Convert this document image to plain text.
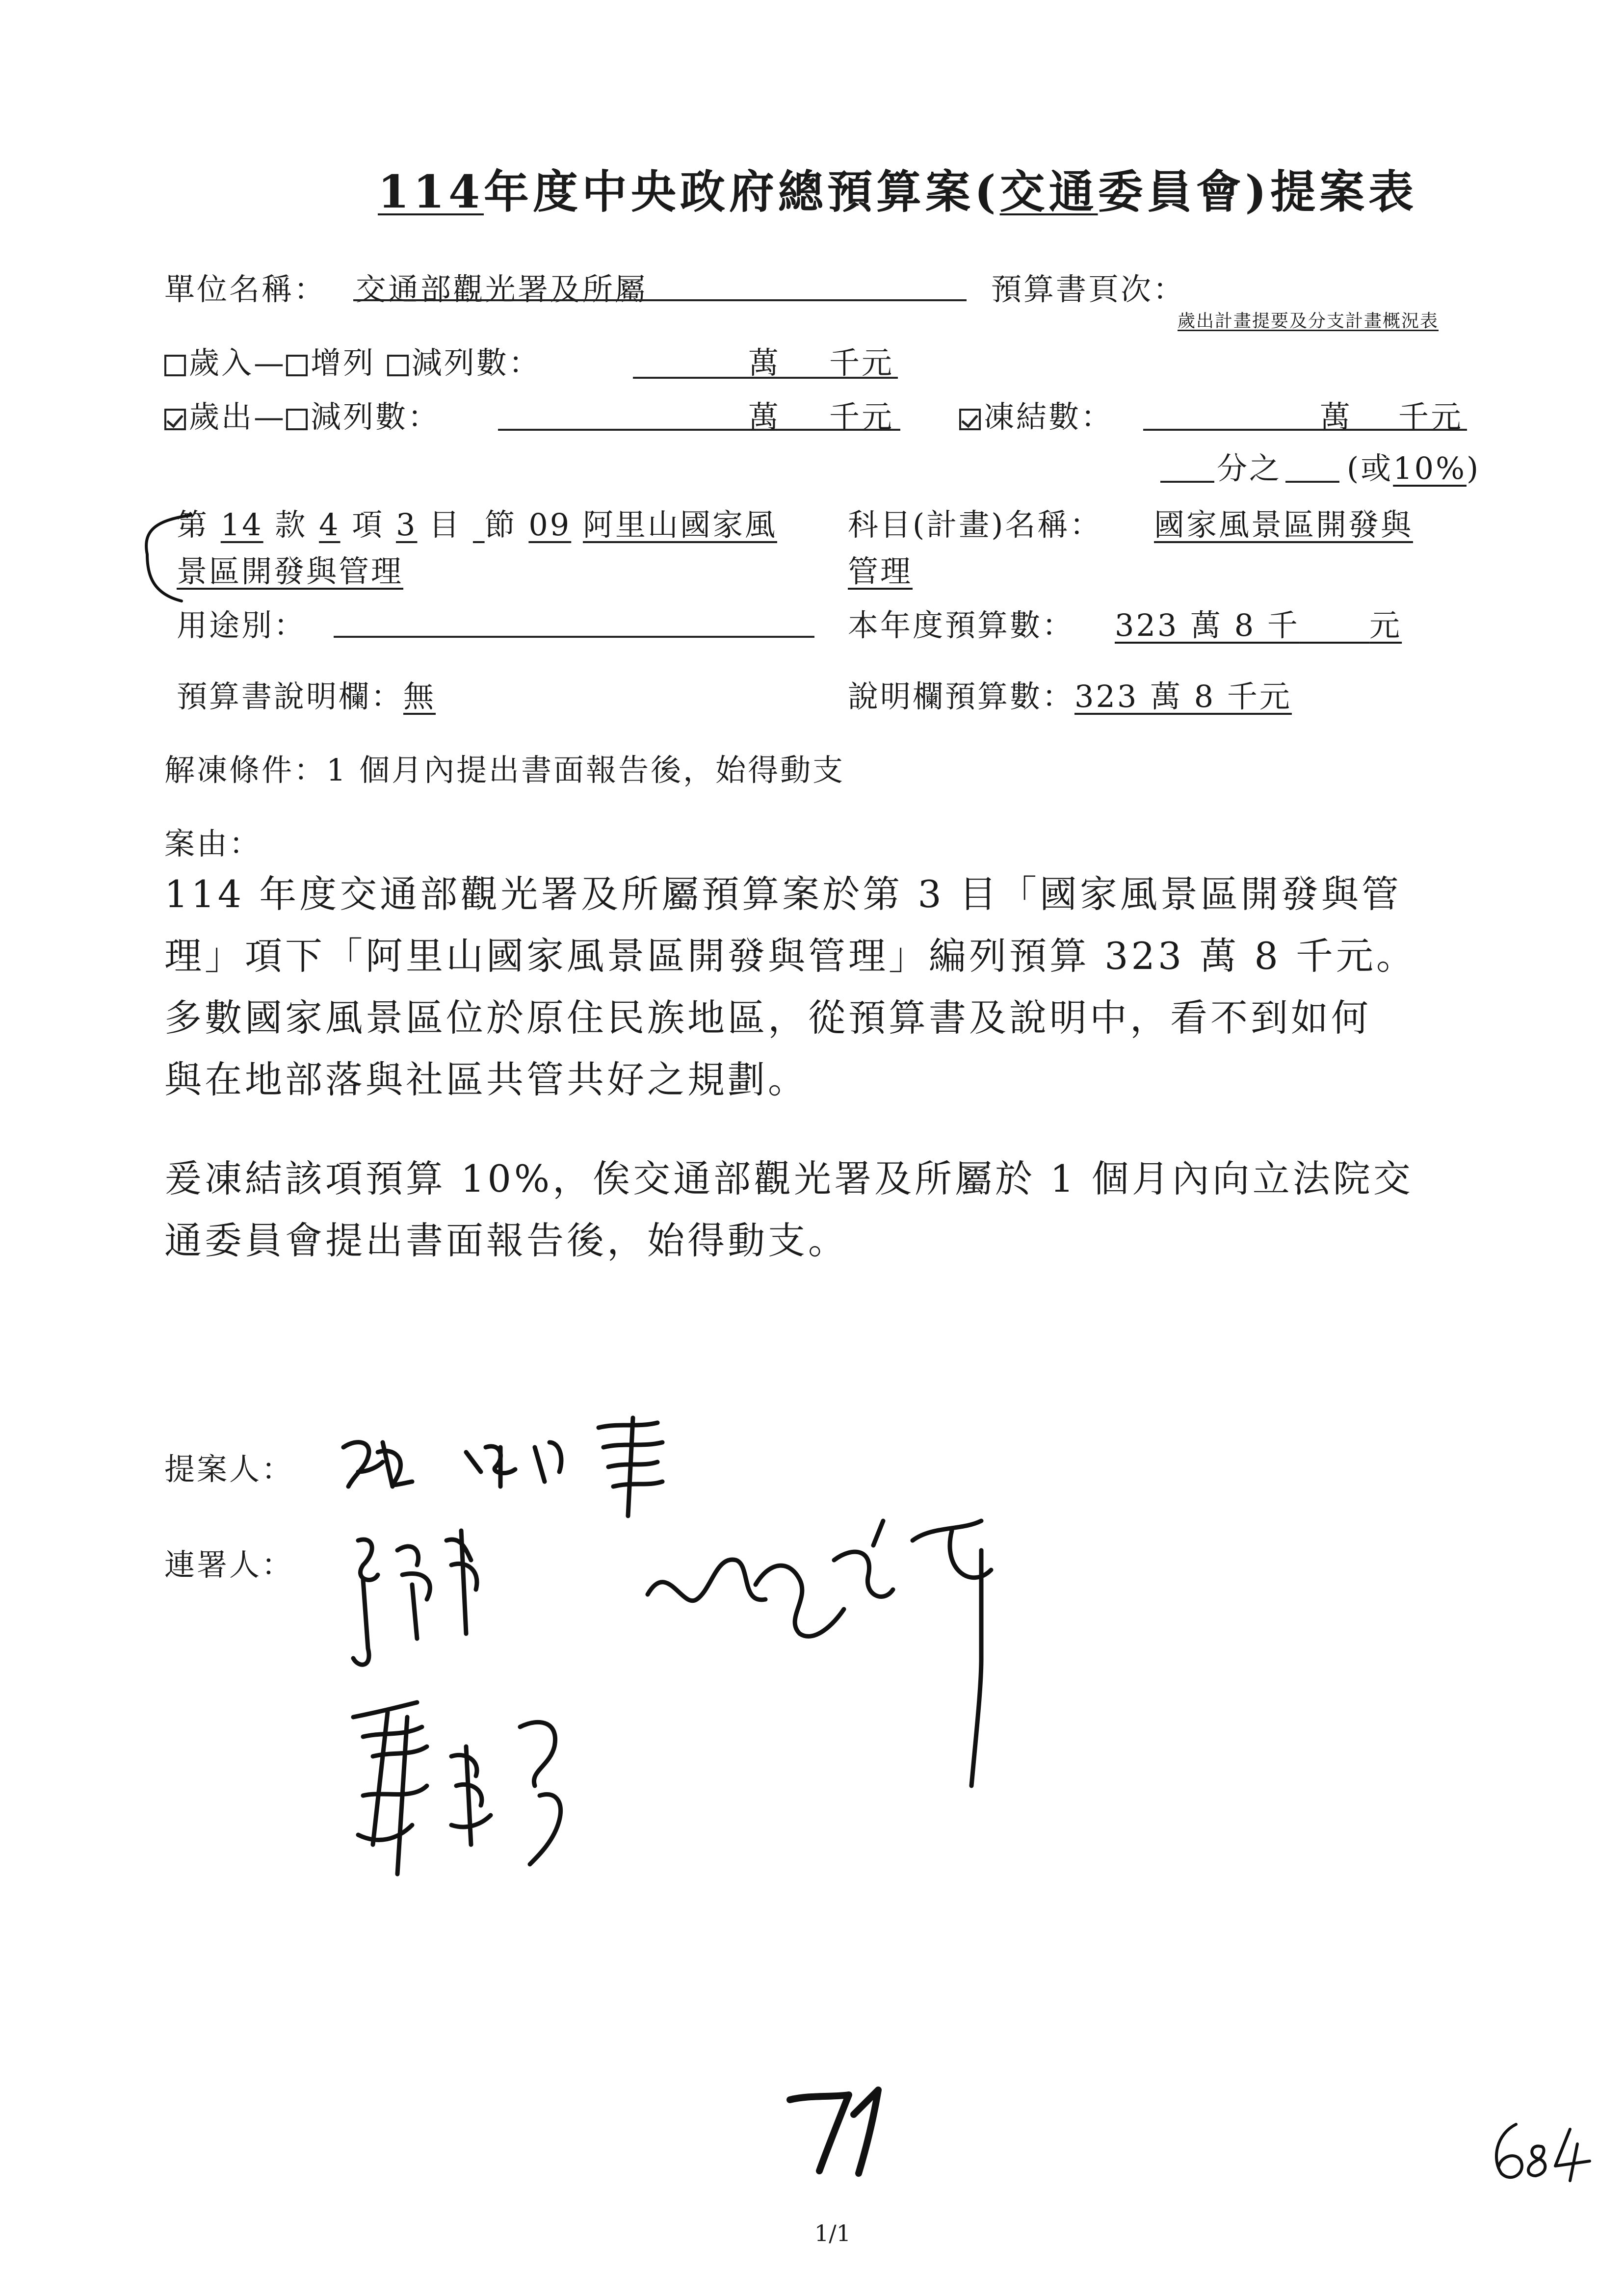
114年度中央政府總預算案(交通委員會)提案表
單位名稱： 交通部觀光署及所屬	預算書頁次：
歲出計畫提要及分支計畫概況表
歲入— 增列 減列數：	萬 千元
歲出— 減列數：	萬 千元	凍結數：	萬 千元
分之 (或10%)
第 14 款 4 項 3 目 節 09 阿里山國家風
景區開發與管理
科目(計畫)名稱： 國家風景區開發與
管理
用途別：	本年度預算數： 323 萬 8 千 元
預算書說明欄：無	說明欄預算數：323 萬 8 千元
解凍條件：1 個月內提出書面報告後，始得動支
案由：
114 年度交通部觀光署及所屬預算案於第 3 目「國家風景區開發與管
理」項下「阿里山國家風景區開發與管理」編列預算 323 萬 8 千元。
多數國家風景區位於原住民族地區，從預算書及說明中，看不到如何
與在地部落與社區共管共好之規劃。
爰凍結該項預算 10%，俟交通部觀光署及所屬於 1 個月內向立法院交
通委員會提出書面報告後，始得動支。
提案人：
連署人：
1/1
